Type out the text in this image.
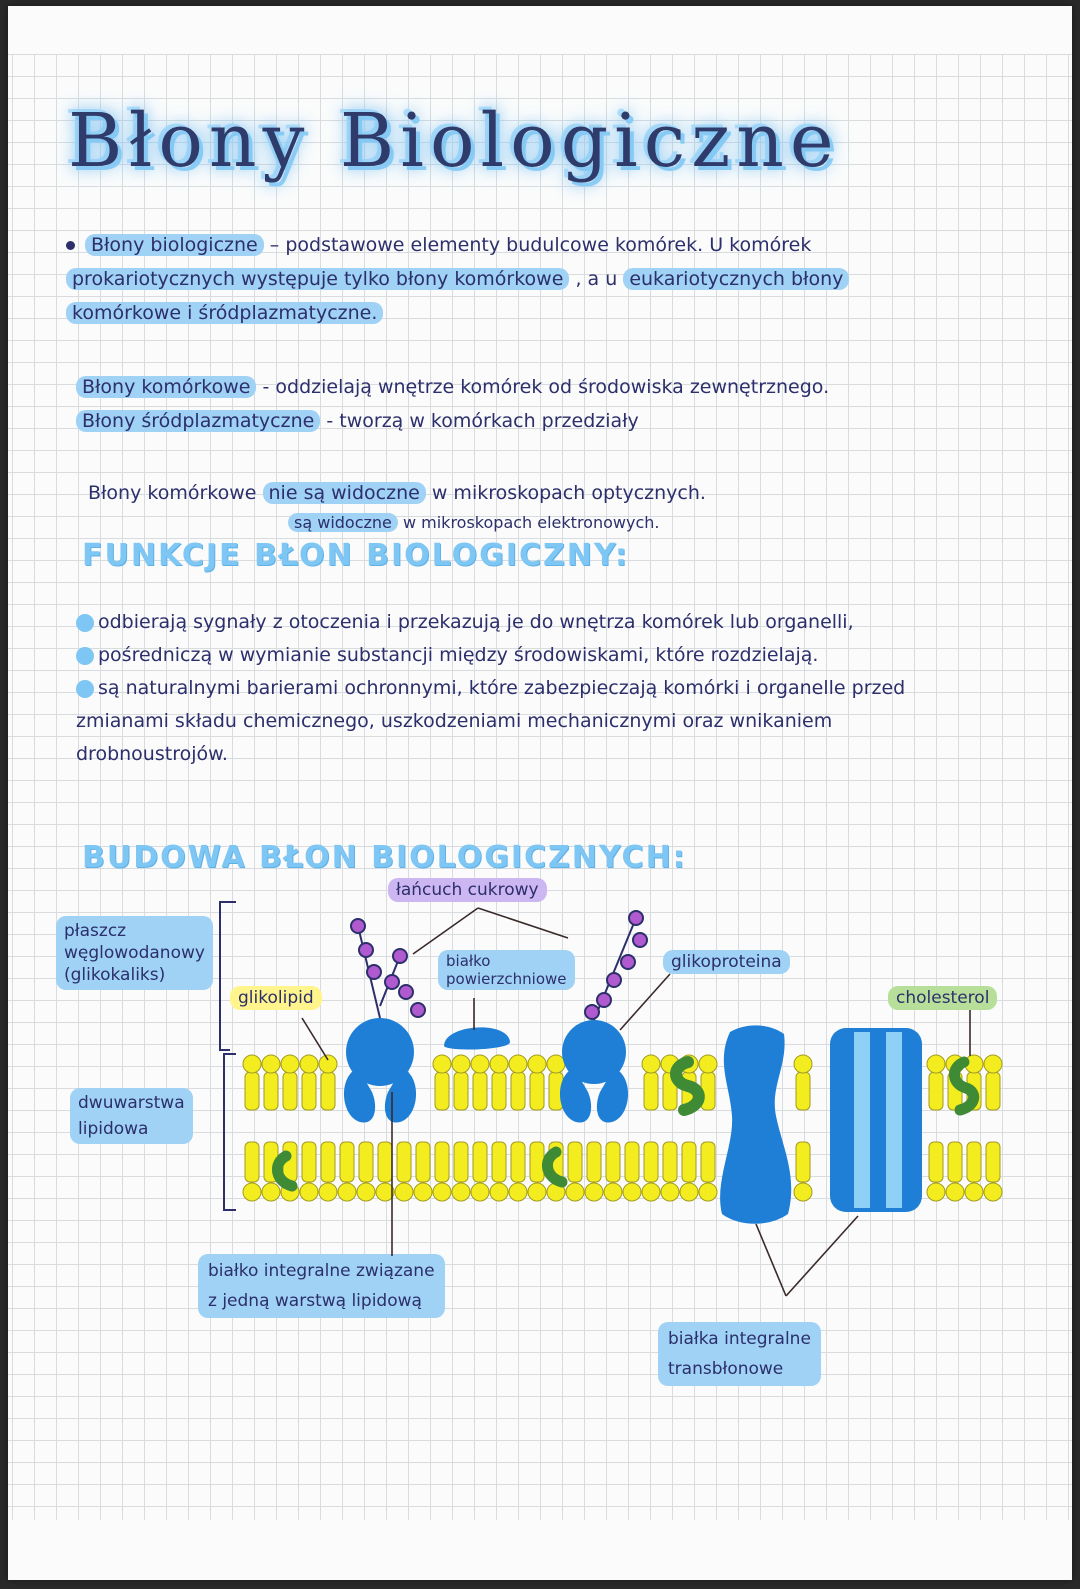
Błony Biologiczne
Błony biologiczne – podstawowe elementy budulcowe komórek. U komórek
prokariotycznych występuje tylko błony komórkowe , a u eukariotycznych błony
komórkowe i śródplazmatyczne.
Błony komórkowe - oddzielają wnętrze komórek od środowiska zewnętrznego.
Błony śródplazmatyczne - tworzą w komórkach przedziały
Błony komórkowe nie są widoczne w mikroskopach optycznych.
są widoczne w mikroskopach elektronowych.
FUNKCJE BŁON BIOLOGICZNY:
odbierają sygnały z otoczenia i przekazują je do wnętrza komórek lub organelli,
pośredniczą w wymianie substancji między środowiskami, które rozdzielają.
są naturalnymi barierami ochronnymi, które zabezpieczają komórki i organelle przed zmianami składu chemicznego, uszkodzeniami mechanicznymi oraz wnikaniem drobnoustrojów.
BUDOWA BŁON BIOLOGICZNYCH:
płaszcz
węglowodanowy
(glikokaliks)
dwuwarstwa
lipidowa
łańcuch cukrowy
białko
powierzchniowe
glikolipid
glikoproteina
cholesterol
białko integralne związane
z jedną warstwą lipidową
białka integralne
transbłonowe
